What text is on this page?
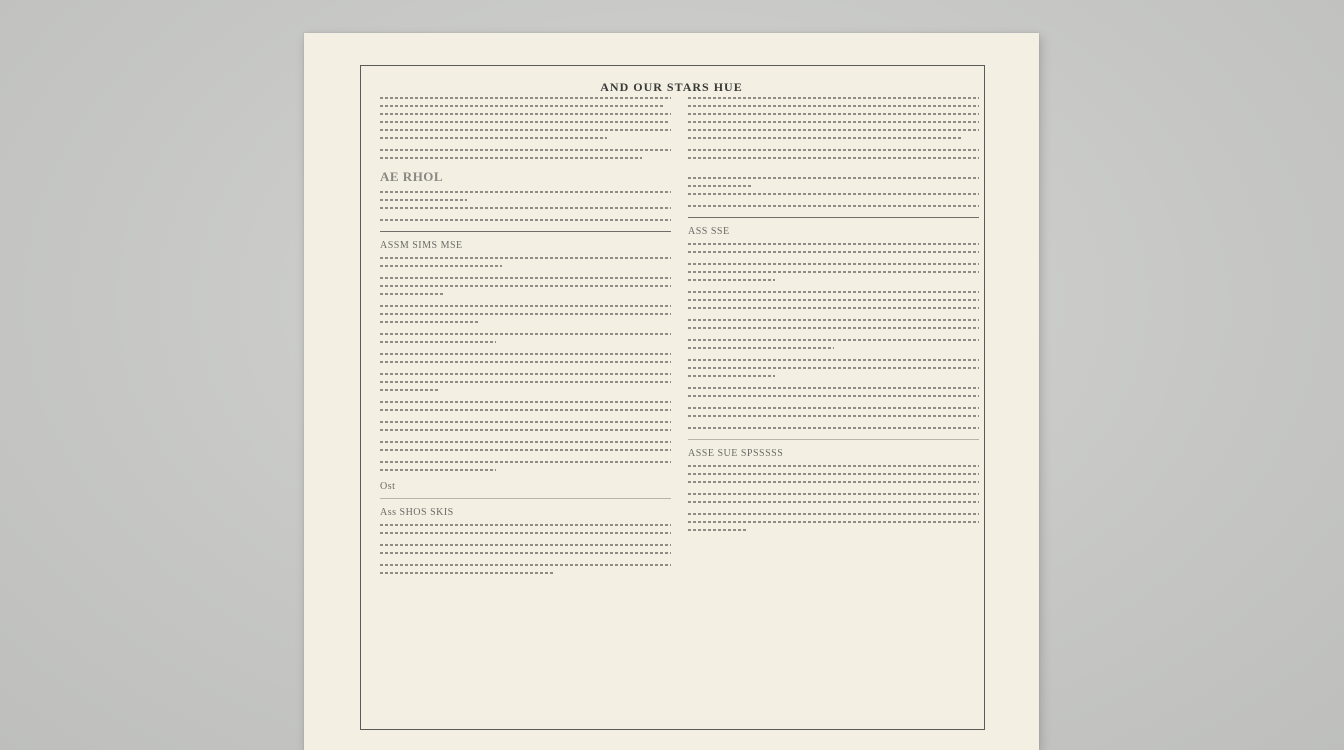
AND OUR STARS HUE
AE RHOL
ASSM SIMS MSE
Ost
Ass SHOS SKIS
ASS SSE
ASSE SUE SPSSSSS
